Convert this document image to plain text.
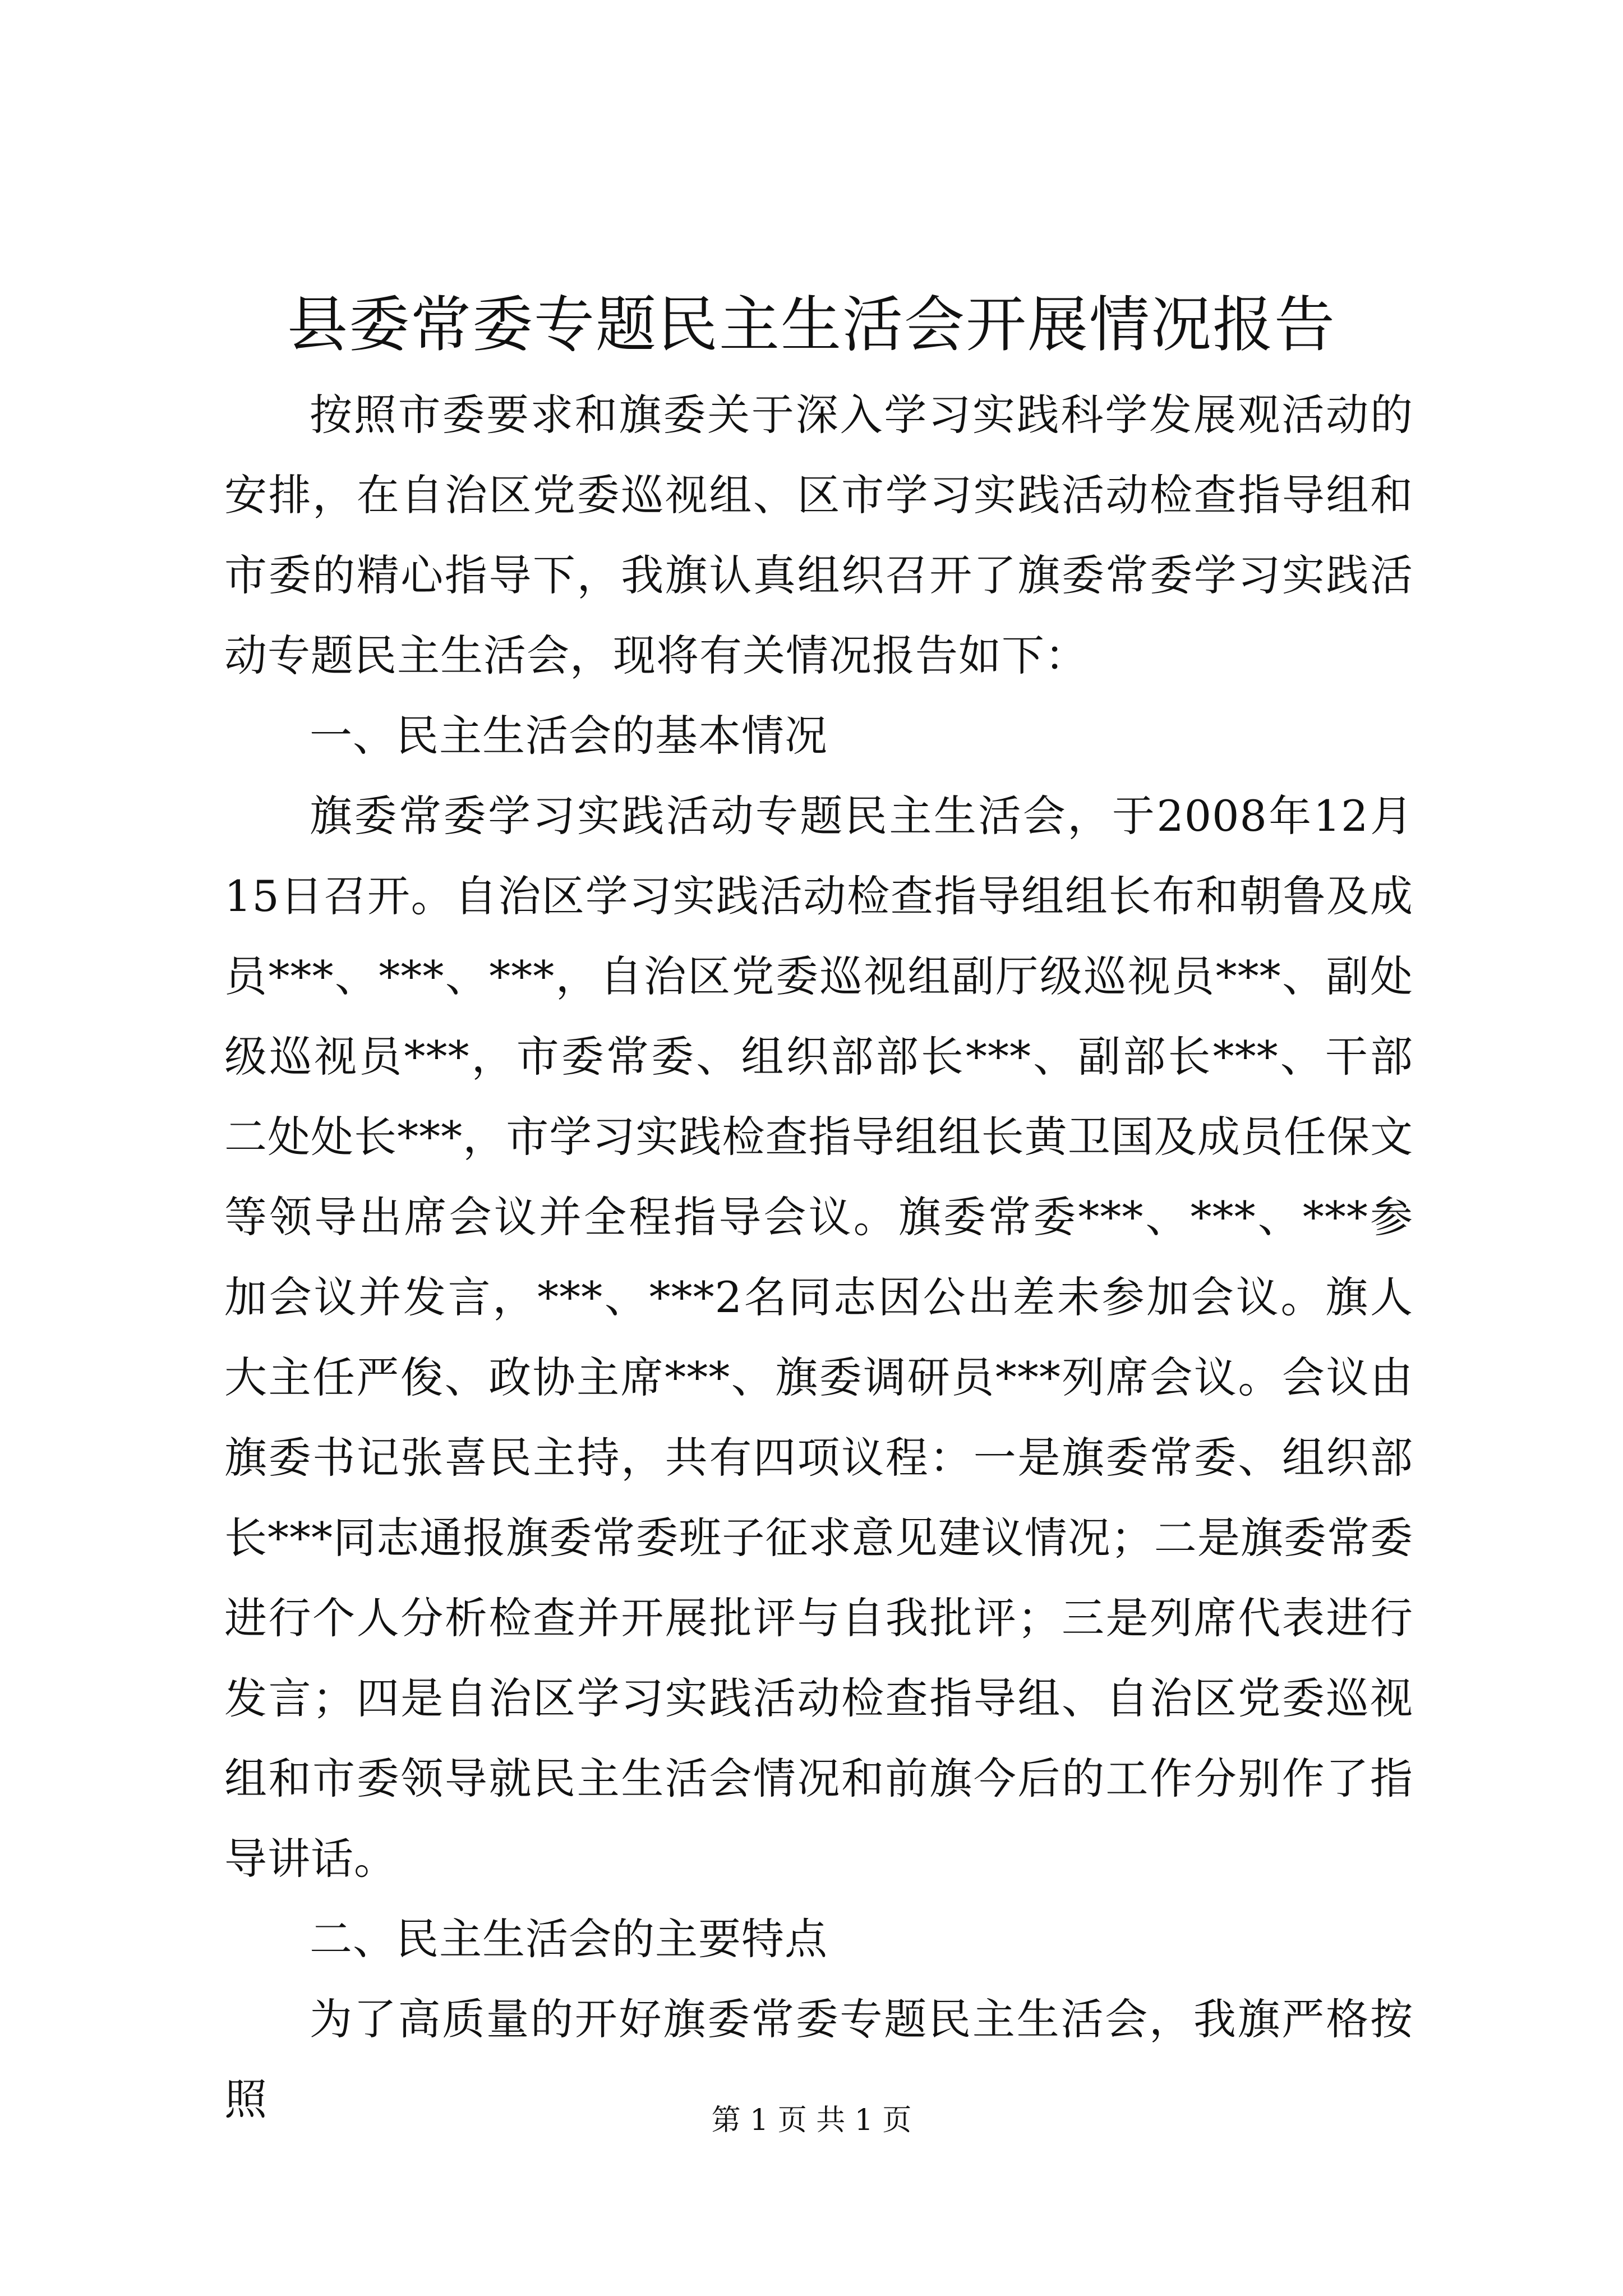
县委常委专题民主生活会开展情况报告

按照市委要求和旗委关于深入学习实践科学发展观活动的安排，在自治区党委巡视组、区市学习实践活动检查指导组和市委的精心指导下，我旗认真组织召开了旗委常委学习实践活动专题民主生活会，现将有关情况报告如下：

一、民主生活会的基本情况

旗委常委学习实践活动专题民主生活会，于2008年12月15日召开。自治区学习实践活动检查指导组组长布和朝鲁及成员***、***、***，自治区党委巡视组副厅级巡视员***、副处级巡视员***，市委常委、组织部部长***、副部长***、干部二处处长***，市学习实践检查指导组组长黄卫国及成员任保文等领导出席会议并全程指导会议。旗委常委***、***、***参加会议并发言，***、***2名同志因公出差未参加会议。旗人大主任严俊、政协主席***、旗委调研员***列席会议。会议由旗委书记张喜民主持，共有四项议程：一是旗委常委、组织部长***同志通报旗委常委班子征求意见建议情况；二是旗委常委进行个人分析检查并开展批评与自我批评；三是列席代表进行发言；四是自治区学习实践活动检查指导组、自治区党委巡视组和市委领导就民主生活会情况和前旗今后的工作分别作了指导讲话。

二、民主生活会的主要特点

为了高质量的开好旗委常委专题民主生活会，我旗严格按照	第 1 页 共 1 页
